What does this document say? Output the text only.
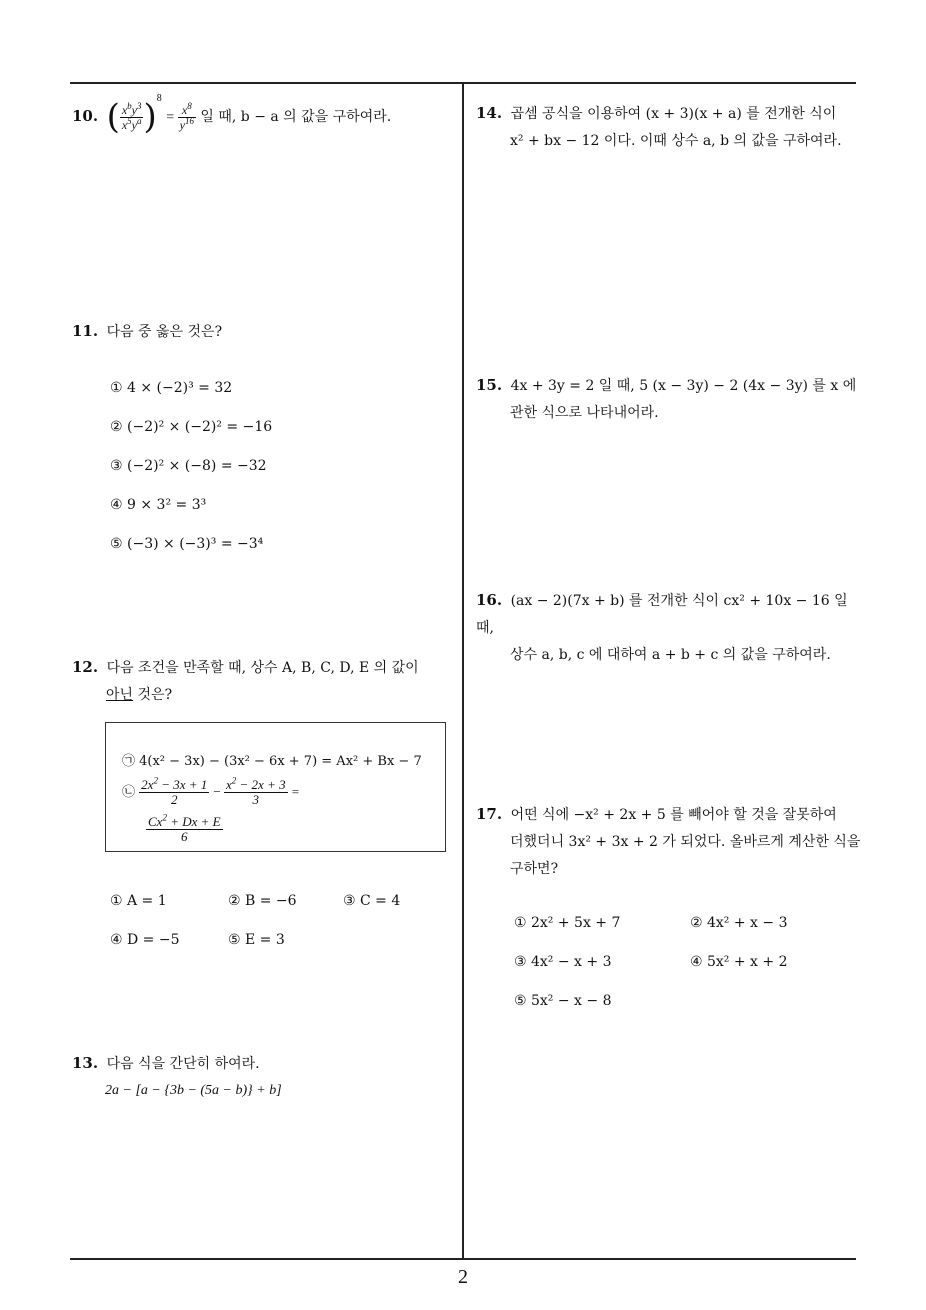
10. ( $\frac{x^by^3}{x^5y^a} )^8 = \frac{x^8}{y^{16}}$ 일 때, b − a 의 값을 구하여라.
11. 다음 중 옳은 것은?
① 4 × (−2)³ = 32
② (−2)² × (−2)² = −16
③ (−2)² × (−8) = −32
④ 9 × 3² = 3³
⑤ (−3) × (−3)³ = −3⁴
12. 다음 조건을 만족할 때, 상수 A, B, C, D, E 의 값이
아닌 것은?
㉠ 4(x² − 3x) − (3x² − 6x + 7) = Ax² + Bx − 7
㉡ $\frac{2x^2 - 3x + 1}{2} - \frac{x^2 - 2x + 3}{3}$ =
$\frac{Cx^2 + Dx + E}{6}$
① A = 1	② B = −6	③ C = 4
④ D = −5	⑤ E = 3
13. 다음 식을 간단히 하여라.
2a − [a − {3b − (5a − b)} + b]
14. 곱셈 공식을 이용하여 (x + 3)(x + a) 를 전개한 식이
x² + bx − 12 이다. 이때 상수 a, b 의 값을 구하여라.
15. 4x + 3y = 2 일 때, 5 (x − 3y) − 2 (4x − 3y) 를 x 에
관한 식으로 나타내어라.
16. (ax − 2)(7x + b) 를 전개한 식이 cx² + 10x − 16 일 때,
상수 a, b, c 에 대하여 a + b + c 의 값을 구하여라.
17. 어떤 식에 −x² + 2x + 5 를 빼어야 할 것을 잘못하여
더했더니 3x² + 3x + 2 가 되었다. 올바르게 계산한 식을
구하면?
① 2x² + 5x + 7	② 4x² + x − 3
③ 4x² − x + 3	④ 5x² + x + 2
⑤ 5x² − x − 8
2
